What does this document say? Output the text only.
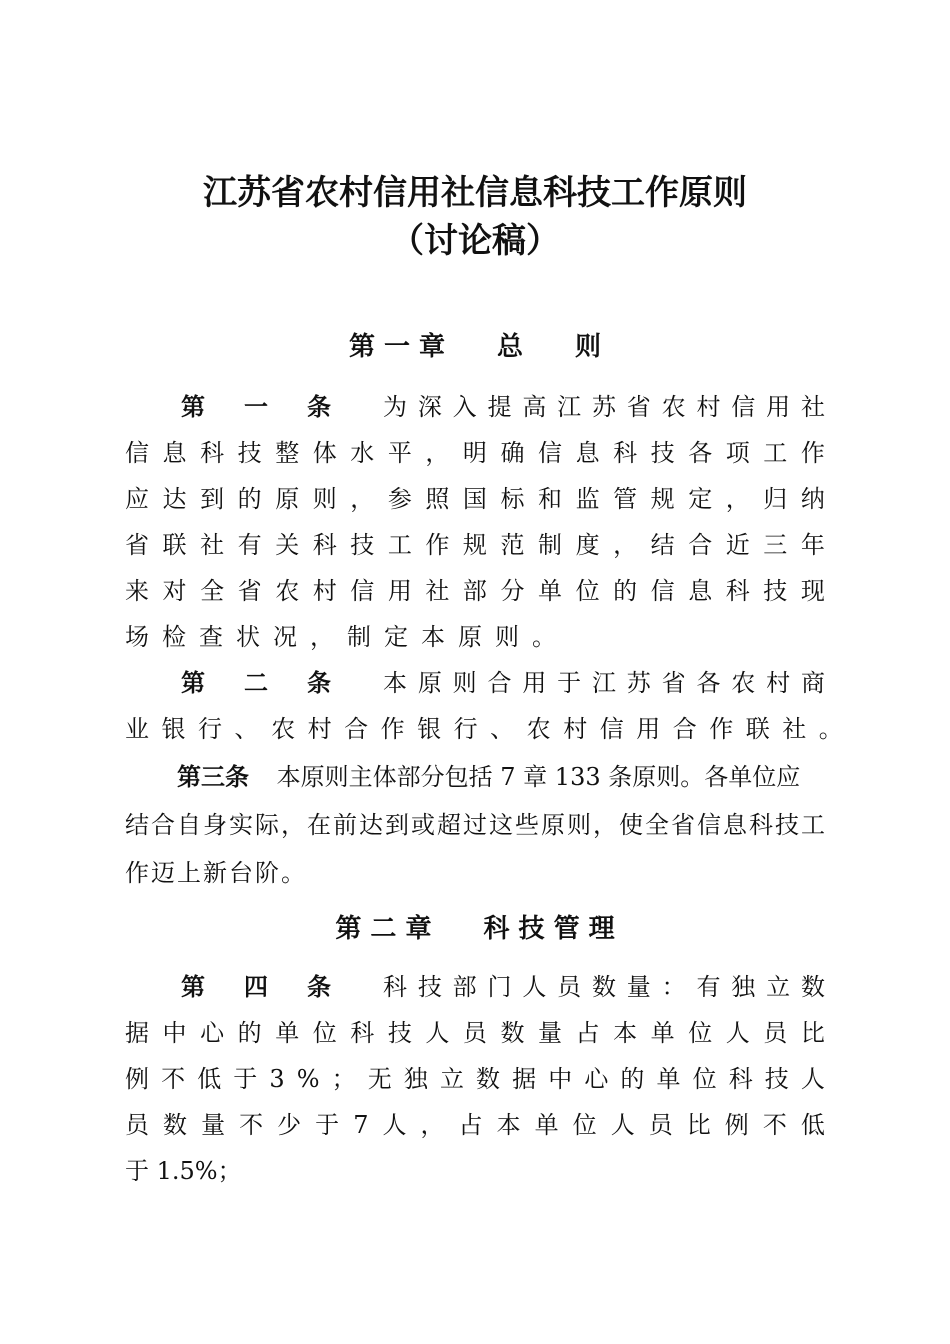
江苏省农村信用社信息科技工作原则
（讨论稿）
第 一 章　　总　　则

第 一 条 为 深 入 提 高 江 苏 省 农 村 信 用 社

信 息 科 技 整 体 水 平 ， 明 确 信 息 科 技 各 项 工 作

应 达 到 的 原 则 ， 参 照 国 标 和 监 管 规 定 ， 归 纳

省 联 社 有 关 科 技 工 作 规 范 制 度 ， 结 合 近 三 年

来 对 全 省 农 村 信 用 社 部 分 单 位 的 信 息 科 技 现

场检查状况，制定本原则。

第 二 条 本 原 则 合 用 于 江 苏 省 各 农 村 商

业 银 行 、 农 村 合 作 银 行 、 农 村 信 用 合 作 联 社 。

第三条 本原则主体部分包括 7 章 133 条原则。各单位应

结合自身实际，在前达到或超过这些原则，使全省信息科技工

作迈上新台阶。

第 二 章　　科 技 管 理

第 四 条 科 技 部 门 人 员 数 量 ： 有 独 立 数

据 中 心 的 单 位 科 技 人 员 数 量 占 本 单 位 人 员 比

例 不 低 于 3 % ； 无 独 立 数 据 中 心 的 单 位 科 技 人

员 数 量 不 少 于 7 人 ， 占 本 单 位 人 员 比 例 不 低

于 1.5%；
